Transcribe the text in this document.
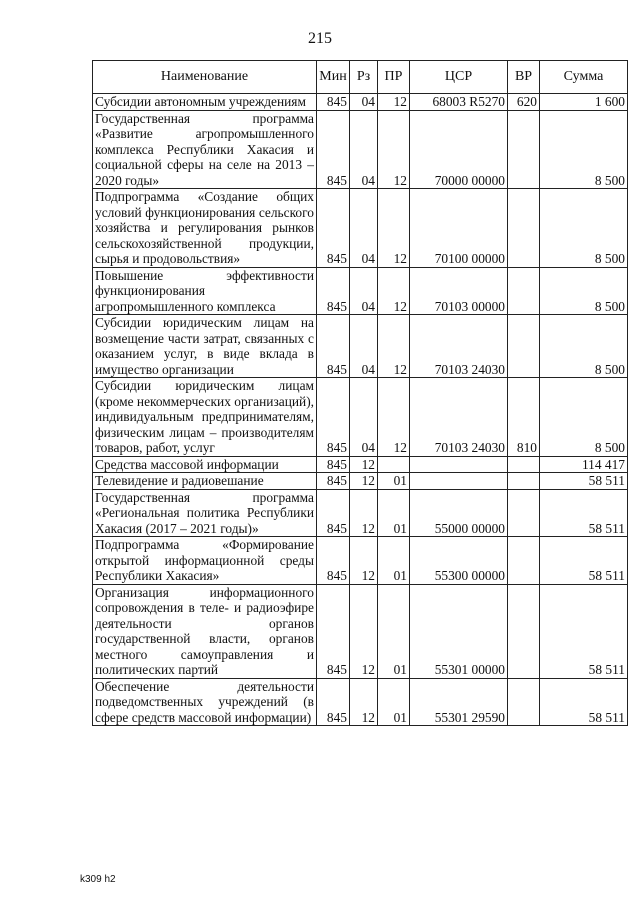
215
Наименование	Мин	Рз	ПР	ЦСР	ВР	Сумма
Субсидии автономным учреждениям	845	04	12	68003 R5270	620	1 600
Государственная программа «Развитие агропромышленного комплекса Республики Хакасия и социальной сферы на селе на 2013 – 2020 годы»	845	04	12	70000 00000		8 500
Подпрограмма «Создание общих условий функционирования сельского хозяйства и регулирования рынков сельскохозяйственной продукции, сырья и продовольствия»	845	04	12	70100 00000		8 500
Повышение эффективности функционирования агропромышленного комплекса	845	04	12	70103 00000		8 500
Субсидии юридическим лицам на возмещение части затрат, связанных с оказанием услуг, в виде вклада в имущество организации	845	04	12	70103 24030		8 500
Субсидии юридическим лицам (кроме некоммерческих организаций), индивидуальным предпринимателям, физическим лицам – производителям товаров, работ, услуг	845	04	12	70103 24030	810	8 500
Средства массовой информации	845	12				114 417
Телевидение и радиовешание	845	12	01			58 511
Государственная программа «Региональная политика Республики Хакасия (2017 – 2021 годы)»	845	12	01	55000 00000		58 511
Подпрограмма «Формирование открытой информационной среды Республики Хакасия»	845	12	01	55300 00000		58 511
Организация информационного сопровождения в теле- и радиоэфире деятельности органов государственной власти, органов местного самоуправления и политических партий	845	12	01	55301 00000		58 511
Обеспечение деятельности подведомственных учреждений (в сфере средств массовой информации)	845	12	01	55301 29590		58 511
k309 h2
